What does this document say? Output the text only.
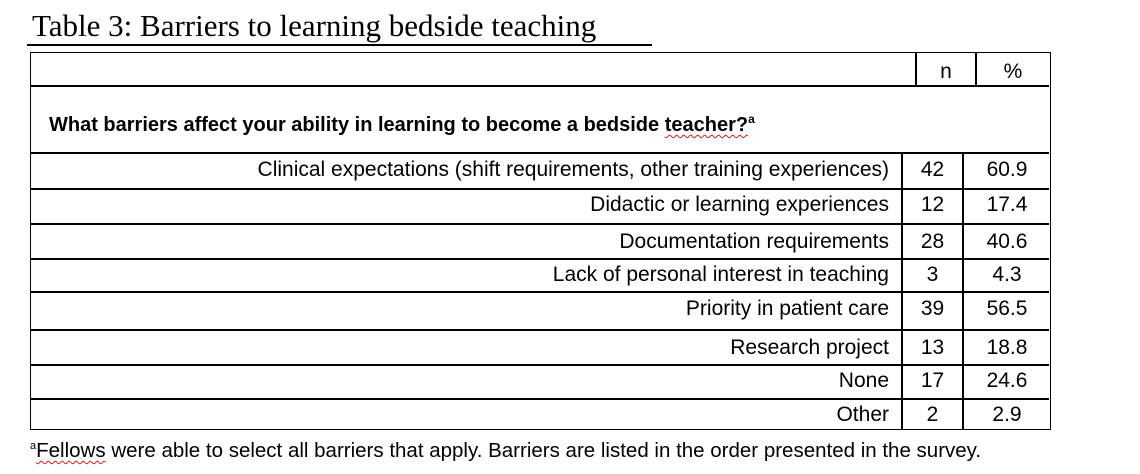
Table 3: Barriers to learning bedside teaching
n	%
What barriers affect your ability in learning to become a bedside teacher?$^a$
Clinical expectations (shift requirements, other training experiences)	42	60.9
Didactic or learning experiences	12	17.4
Documentation requirements	28	40.6
Lack of personal interest in teaching	3	4.3
Priority in patient care	39	56.5
Research project	13	18.8
None	17	24.6
Other	2	2.9
$^a$Fellows were able to select all barriers that apply. Barriers are listed in the order presented in the survey.
